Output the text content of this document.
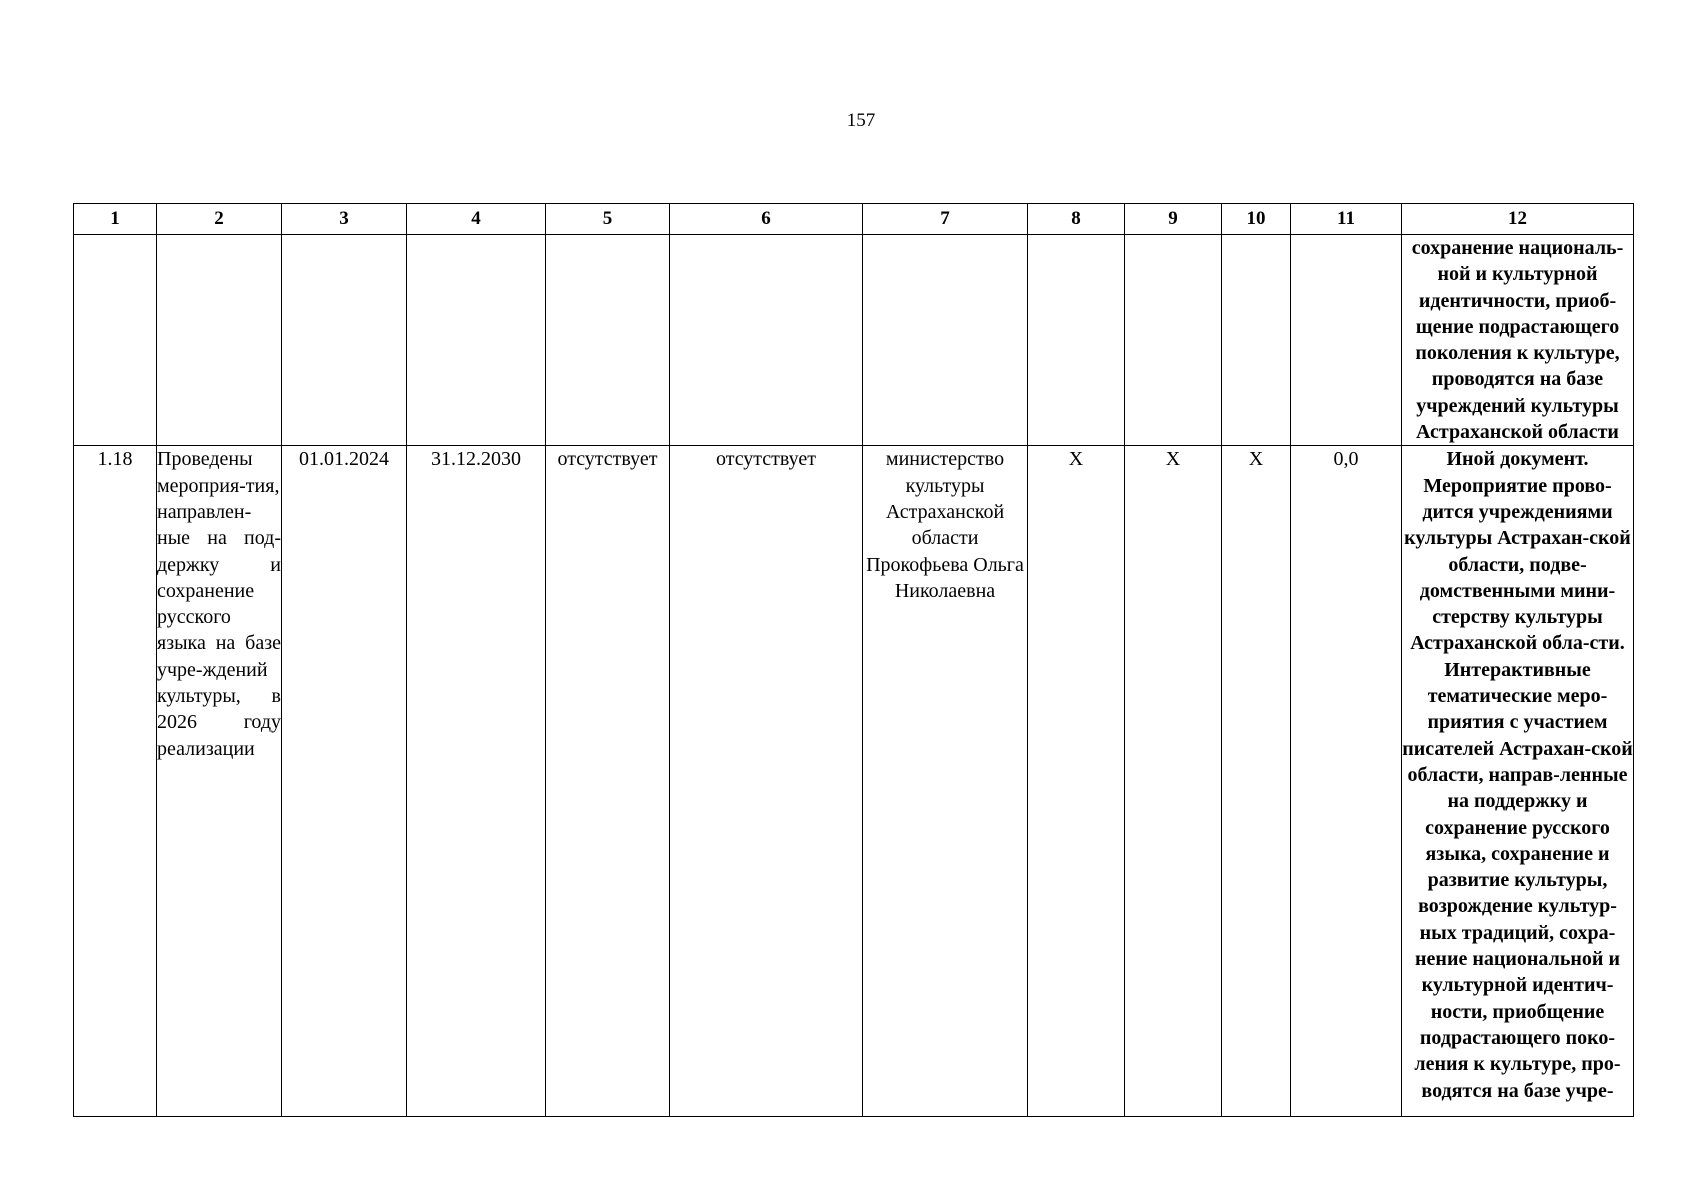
157
1	2	3	4	5	6	7	8	9	10	11	12
											сохранение националь-ной и культурной идентичности, приоб-щение подрастающего поколения к культуре, проводятся на базе учреждений культуры Астраханской области
1.18	Проведены мероприя-тия, направлен-ные на под-держку и сохранение русского языка на базе учре-ждений культуры, в 2026 году реализации	01.01.2024	31.12.2030	отсутствует	отсутствует	министерство культуры Астраханской области Прокофьева Ольга Николаевна	X	X	X	0,0	Иной документ. Мероприятие прово-дится учреждениями культуры Астрахан-ской области, подве-домственными мини-стерству культуры Астраханской обла-сти. Интерактивные тематические меро-приятия с участием писателей Астрахан-ской области, направ-ленные на поддержку и сохранение русского языка, сохранение и развитие культуры, возрождение культур-ных традиций, сохра-нение национальной и культурной идентич-ности, приобщение подрастающего поко-ления к культуре, про-водятся на базе учре-
